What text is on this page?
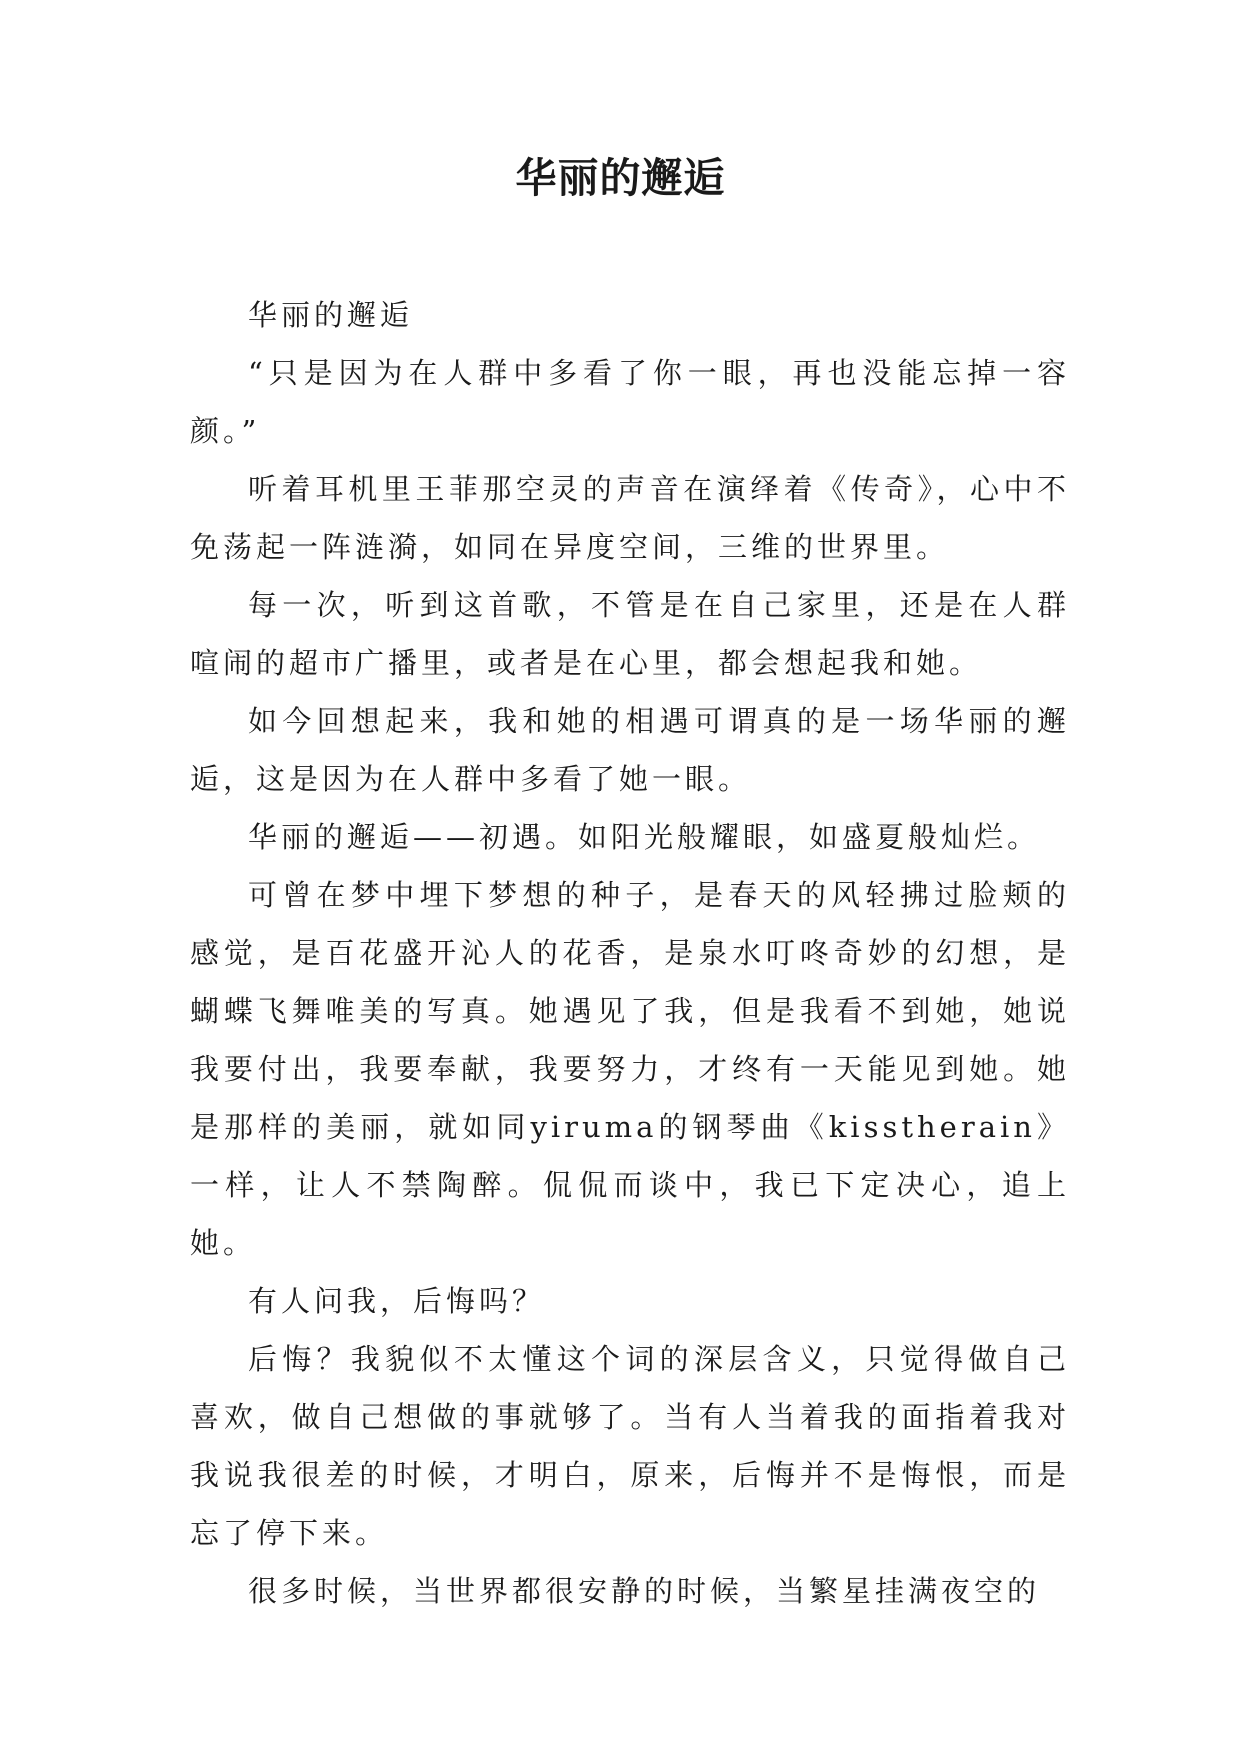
华丽的邂逅

华丽的邂逅

“只是因为在人群中多看了你一眼，再也没能忘掉一容颜。”

听着耳机里王菲那空灵的声音在演绎着《传奇》，心中不免荡起一阵涟漪，如同在异度空间，三维的世界里。

每一次，听到这首歌，不管是在自己家里，还是在人群喧闹的超市广播里，或者是在心里，都会想起我和她。

如今回想起来，我和她的相遇可谓真的是一场华丽的邂逅，这是因为在人群中多看了她一眼。

华丽的邂逅——初遇。如阳光般耀眼，如盛夏般灿烂。

可曾在梦中埋下梦想的种子，是春天的风轻拂过脸颊的感觉，是百花盛开沁人的花香，是泉水叮咚奇妙的幻想，是蝴蝶飞舞唯美的写真。她遇见了我，但是我看不到她，她说我要付出，我要奉献，我要努力，才终有一天能见到她。她是那样的美丽，就如同yiruma的钢琴曲《kisstherain》一样，让人不禁陶醉。侃侃而谈中，我已下定决心，追上她。

有人问我，后悔吗？

后悔？我貌似不太懂这个词的深层含义，只觉得做自己喜欢，做自己想做的事就够了。当有人当着我的面指着我对我说我很差的时候，才明白，原来，后悔并不是悔恨，而是忘了停下来。

很多时候，当世界都很安静的时候，当繁星挂满夜空的
